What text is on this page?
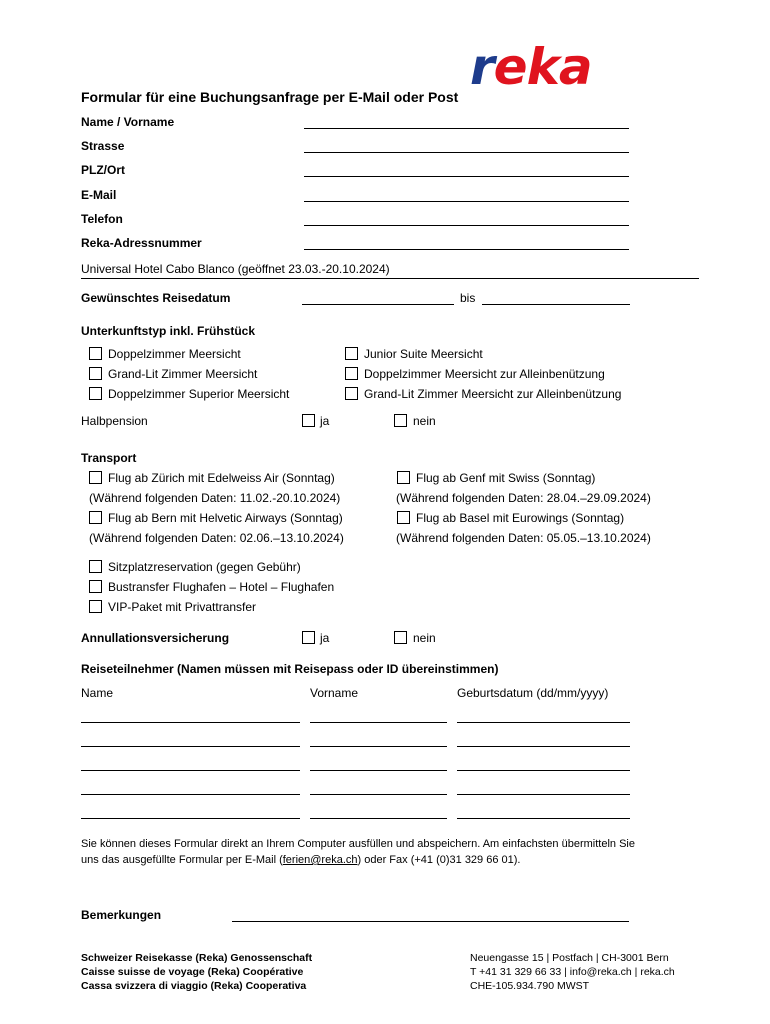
reka
Formular für eine Buchungsanfrage per E-Mail oder Post
Name / Vorname
Strasse
PLZ/Ort
E-Mail
Telefon
Reka-Adressnummer
Universal Hotel Cabo Blanco (geöffnet 23.03.-20.10.2024)
Gewünschtes Reisedatum	bis
Unterkunftstyp inkl. Frühstück
Doppelzimmer Meersicht
Grand-Lit Zimmer Meersicht
Doppelzimmer Superior Meersicht
Junior Suite Meersicht
Doppelzimmer Meersicht zur Alleinbenützung
Grand-Lit Zimmer Meersicht zur Alleinbenützung
Halbpension	ja	nein
Transport
Flug ab Zürich mit Edelweiss Air (Sonntag)
(Während folgenden Daten: 11.02.-20.10.2024)
Flug ab Bern mit Helvetic Airways (Sonntag)
(Während folgenden Daten: 02.06.–13.10.2024)
Flug ab Genf mit Swiss (Sonntag)
(Während folgenden Daten: 28.04.–29.09.2024)
Flug ab Basel mit Eurowings (Sonntag)
(Während folgenden Daten: 05.05.–13.10.2024)
Sitzplatzreservation (gegen Gebühr)
Bustransfer Flughafen – Hotel – Flughafen
VIP-Paket mit Privattransfer
Annullationsversicherung	ja	nein
Reiseteilnehmer (Namen müssen mit Reisepass oder ID übereinstimmen)
Name	Vorname	Geburtsdatum (dd/mm/yyyy)
Sie können dieses Formular direkt an Ihrem Computer ausfüllen und abspeichern. Am einfachsten übermitteln Sie
uns das ausgefüllte Formular per E-Mail (ferien@reka.ch) oder Fax (+41 (0)31 329 66 01).
Bemerkungen
Schweizer Reisekasse (Reka) Genossenschaft
Caisse suisse de voyage (Reka) Coopérative
Cassa svizzera di viaggio (Reka) Cooperativa
Neuengasse 15 | Postfach | CH-3001 Bern
T +41 31 329 66 33 | info@reka.ch | reka.ch
CHE-105.934.790 MWST
